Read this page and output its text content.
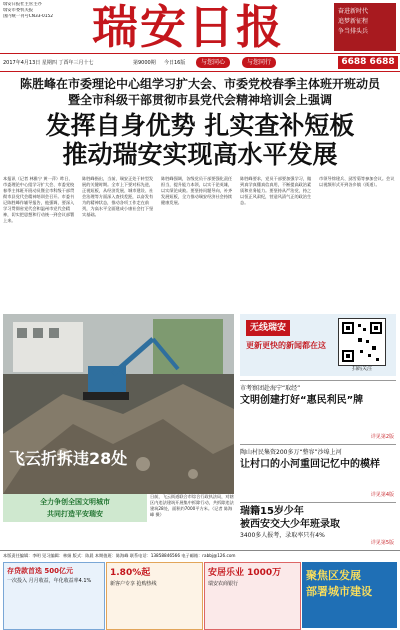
瑞安日报社主管主办
瑞安市委机关报
国内统一刊号CN33-0152 瑞安日报	奋进新时代
追梦新征程
争当排头兵
2017年4月13日 星期四 丁酉年三月十七	第9000期	今日16版	与您同心	与您同行	6688 6688
陈胜峰在市委理论中心组学习扩大会、市委党校春季主体班开班动员
暨全市科级干部贯彻市县党代会精神培训会上强调
发挥自身优势 扎实查补短板
推动瑞安实现高水平发展
本报讯（记者 林雅宁 黄一萍）昨日，市委理论中心组学习扩大会、市委党校春季主体班开班动员暨全市科级干部贯彻市县党代会精神培训会召开。市委书记陈胜峰作辅导报告，他强调，要深入学习贯彻省党代会和温州市党代会精神，切实把思想和行动统一到会议部署上来。
陈胜峰指出，当前，瑞安正处于转型发展的关键时期。全市上下要对标先进，正视短板，从经济发展、城市建设、社会治理等方面深入查找差距，以奋发有为的精神状态，推动各项工作走在前列，为高水平全面建成小康社会打下坚实基础。
陈胜峰强调，各级党员干部要强化责任担当，提升能力本领，以实干论英雄，以实绩论成败。要坚持问题导向，补齐发展短板，全力推动瑞安经济社会持续健康发展。
陈胜峰要求，党员干部要加强学习，做到真学真懂真信真用，不断提高政治素质和业务能力。要坚持从严治党，持之以恒正风肃纪，营造风清气正的政治生态。
市领导徐建兵、邱雪菊等参加会议。会议以视频形式开到各乡镇（街道）。
飞云折拆违28处
全力争创全国文明城市
共同打造平安瑞安
日前，飞云街道联合市综合行政执法局，对辖区内违法建筑开展集中拆除行动，共拆除违法建筑28处，面积约7000平方米。（记者 陈海峰 摄）
无线瑞安
更新更快的新闻都在这
扫码关注
市考察团赴海宁“取经”
文明创建打好“惠民利民”牌
详见第2版
陶山村民集资200多万“整容”沙埠上河
让村口的小河重回记忆中的模样
详见第4版
瑞籍15岁少年
被西安交大少年班录取
3400多人报考，录取率只有4%
详见第5版
本版责任编辑：李明 见习编辑：林娟 版式：陈晨 本期值班：陈海峰 联系电话：13858846566 电子邮箱：rabbj@126.com
存贷款首选 500亿元
一次投入 月月收益，年化收益率4.1%
1.80%起
新客户专享 抢购热线
安居乐业 1000万
瑞安农商银行
聚焦区发展
部署城市建设
